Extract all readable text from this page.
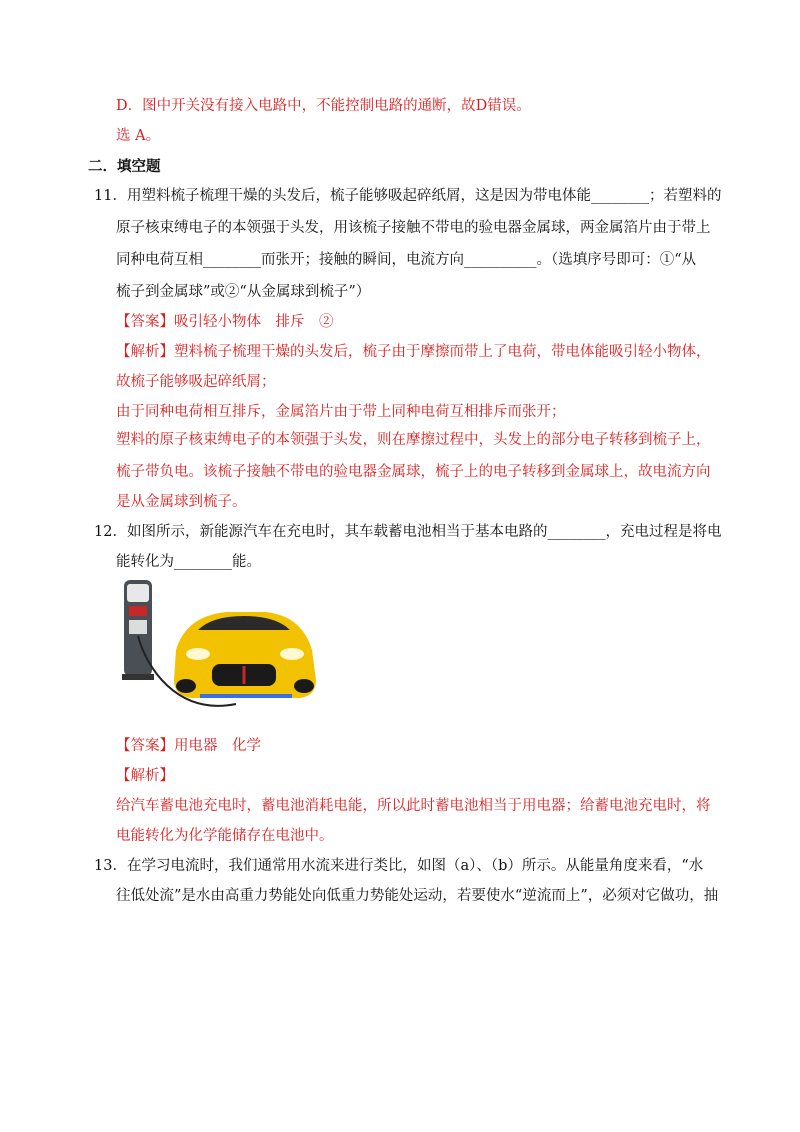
D．图中开关没有接入电路中，不能控制电路的通断，故D错误。
选 A。
二．填空题
11．用塑料梳子梳理干燥的头发后，梳子能够吸起碎纸屑，这是因为带电体能________；若塑料的
原子核束缚电子的本领强于头发，用该梳子接触不带电的验电器金属球，两金属箔片由于带上
同种电荷互相________而张开；接触的瞬间，电流方向__________。（选填序号即可：①“从
梳子到金属球”或②“从金属球到梳子”）
【答案】吸引轻小物体　排斥　②
【解析】塑料梳子梳理干燥的头发后，梳子由于摩擦而带上了电荷，带电体能吸引轻小物体，
故梳子能够吸起碎纸屑；
由于同种电荷相互排斥，金属箔片由于带上同种电荷互相排斥而张开；
塑料的原子核束缚电子的本领强于头发，则在摩擦过程中，头发上的部分电子转移到梳子上，
梳子带负电。该梳子接触不带电的验电器金属球，梳子上的电子转移到金属球上，故电流方向
是从金属球到梳子。
12．如图所示，新能源汽车在充电时，其车载蓄电池相当于基本电路的________，充电过程是将电
能转化为________能。
【答案】用电器　化学
【解析】
给汽车蓄电池充电时，蓄电池消耗电能，所以此时蓄电池相当于用电器；给蓄电池充电时，将
电能转化为化学能储存在电池中。
13．在学习电流时，我们通常用水流来进行类比，如图（a）、（b）所示。从能量角度来看，“水
往低处流”是水由高重力势能处向低重力势能处运动，若要使水“逆流而上”，必须对它做功，抽
